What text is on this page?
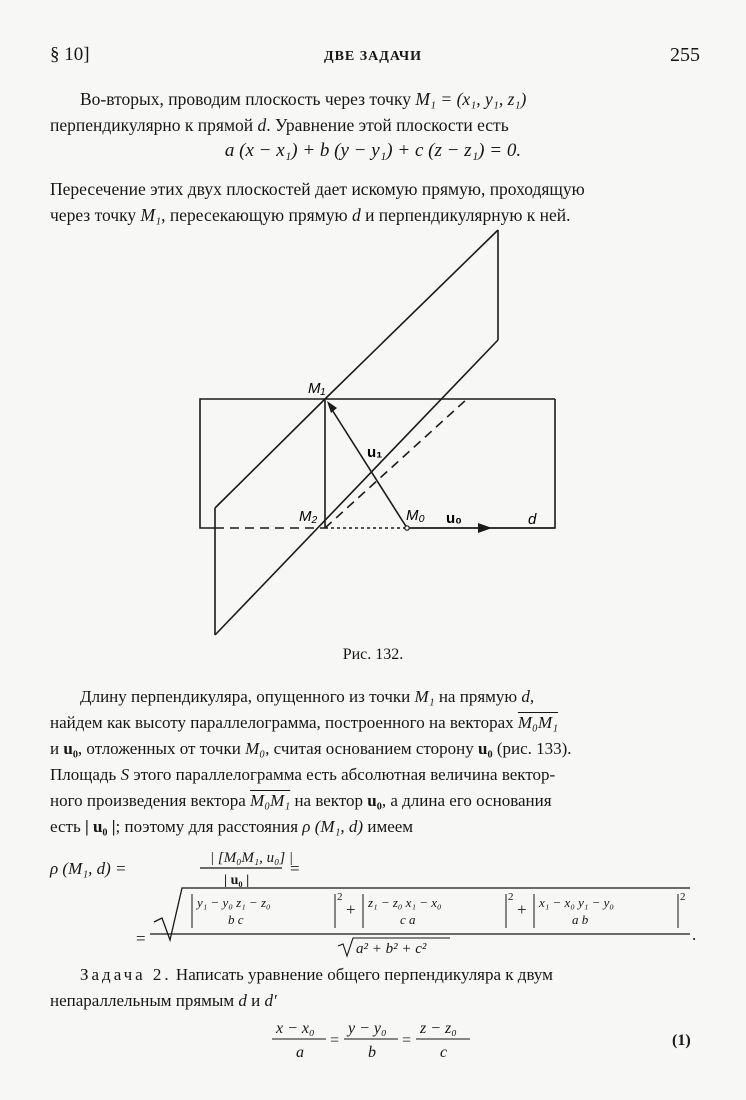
§ 10]	ДВЕ ЗАДАЧИ	255
Во-вторых, проводим плоскость через точку M₁ = (x₁, y₁, z₁)
перпендикулярно к прямой d. Уравнение этой плоскости есть
a (x − x₁) + b (y − y₁) + c (z − z₁) = 0.
Пересечение этих двух плоскостей дает искомую прямую, проходящую
через точку M₁, пересекающую прямую d и перпендикулярную к ней.
M₁
M₂	M₀
u₁
u₀	d
Рис. 132.
Длину перпендикуляра, опущенного из точки M₁ на прямую d,
найдем как высоту параллелограмма, построенного на векторах M₀M₁
и u₀, отложенных от точки M₀, считая основанием сторону u₀ (рис. 133).
Площадь S этого параллелограмма есть абсолютная величина вектор-
ного произведения вектора M₀M₁ на вектор u₀, а длина его основания
есть | u₀ |; поэтому для расстояния ρ (M₁, d) имеем
ρ (M₁, d) =
| [M₀M₁, u₀] |
| u₀ |
=
=
y₁ − y₀ z₁ − z₀
b c
2
+ z₁ − z₀ x₁ − x₀
c a
2
+ x₁ − x₀ y₁ − y₀
a b
2
a² + b² + c²
.
Задача 2. Написать уравнение общего перпендикуляра к двум
непараллельным прямым d и d′
x − x₀
a
=
y − y₀
b
=
z − z₀
c
(1)
